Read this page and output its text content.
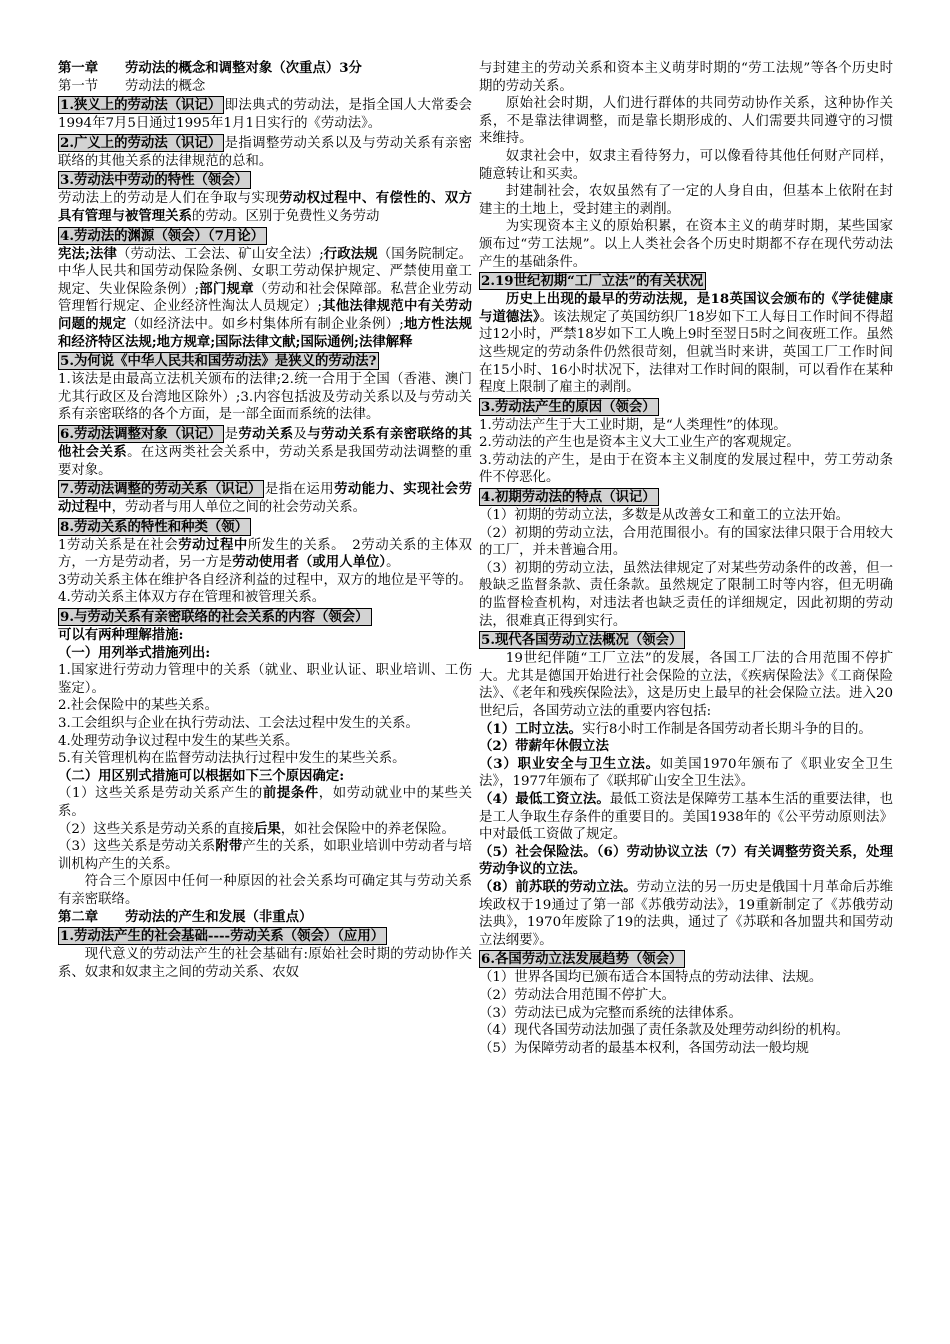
第一章　　劳动法的概念和调整对象（次重点）3分

第一节　　劳动法的概念

1.狭义上的劳动法（识记） 即法典式的劳动法，是指全国人大常委会1994年7月5日通过1995年1月1日实行的《劳动法》。

2.广义上的劳动法（识记） 是指调整劳动关系以及与劳动关系有亲密联络的其他关系的法律规范的总和。

3.劳动法中劳动的特性（领会）

劳动法上的劳动是人们在争取与实现劳动权过程中、有偿性的、双方具有管理与被管理关系的劳动。区别于免费性义务劳动

4.劳动法的渊源（领会）（7月论）

宪法;法律（劳动法、工会法、矿山安全法）;行政法规（国务院制定。中华人民共和国劳动保险条例、女职工劳动保护规定、严禁使用童工规定、失业保险条例）;部门规章（劳动和社会保障部。私营企业劳动管理暂行规定、企业经济性淘汰人员规定）;其他法律规范中有关劳动问题的规定（如经济法中。如乡村集体所有制企业条例）;地方性法规和经济特区法规;地方规章;国际法律文献;国际通例;法律解释

5.为何说《中华人民共和国劳动法》是狭义的劳动法?

1.该法是由最高立法机关颁布的法律;2.统一合用于全国（香港、澳门尤其行政区及台湾地区除外）;3.内容包括波及劳动关系以及与劳动关系有亲密联络的各个方面，是一部全面而系统的法律。

6.劳动法调整对象（识记） 是劳动关系及与劳动关系有亲密联络的其他社会关系。在这两类社会关系中，劳动关系是我国劳动法调整的重要对象。

7.劳动法调整的劳动关系（识记） 是指在运用劳动能力、实现社会劳动过程中，劳动者与用人单位之间的社会劳动关系。

8.劳动关系的特性和种类（领）

1劳动关系是在社会劳动过程中所发生的关系。　2劳动关系的主体双方，一方是劳动者，另一方是劳动使用者（或用人单位）。

3劳动关系主体在维护各自经济利益的过程中，双方的地位是平等的。4.劳动关系主体双方存在管理和被管理关系。

9.与劳动关系有亲密联络的社会关系的内容（领会）

可以有两种理解措施:

（一）用列举式措施列出:

1.国家进行劳动力管理中的关系（就业、职业认证、职业培训、工伤鉴定）。

2.社会保险中的某些关系。

3.工会组织与企业在执行劳动法、工会法过程中发生的关系。

4.处理劳动争议过程中发生的某些关系。

5.有关管理机构在监督劳动法执行过程中发生的某些关系。

（二）用区别式措施可以根据如下三个原因确定:

（1）这些关系是劳动关系产生的前提条件，如劳动就业中的某些关系。

（2）这些关系是劳动关系的直接后果，如社会保险中的养老保险。

（3）这些关系是劳动关系附带产生的关系，如职业培训中劳动者与培训机构产生的关系。

符合三个原因中任何一种原因的社会关系均可确定其与劳动关系有亲密联络。

第二章　　劳动法的产生和发展（非重点）

1.劳动法产生的社会基础----劳动关系（领会）（应用）

现代意义的劳动法产生的社会基础有:原始社会时期的劳动协作关系、奴隶和奴隶主之间的劳动关系、农奴

与封建主的劳动关系和资本主义萌芽时期的“劳工法规”等各个历史时期的劳动关系。

原始社会时期，人们进行群体的共同劳动协作关系，这种协作关系，不是靠法律调整，而是靠长期形成的、人们需要共同遵守的习惯来维持。

奴隶社会中，奴隶主看待努力，可以像看待其他任何财产同样，随意转让和买卖。

封建制社会，农奴虽然有了一定的人身自由，但基本上依附在封建主的土地上，受封建主的剥削。

为实现资本主义的原始积累，在资本主义的萌芽时期，某些国家颁布过“劳工法规”。以上人类社会各个历史时期都不存在现代劳动法产生的基础条件。

2.19世纪初期“工厂立法”的有关状况

历史上出现的最早的劳动法规，是18英国议会颁布的《学徒健康与道德法》。该法规定了英国纺织厂18岁如下工人每日工作时间不得超过12小时，严禁18岁如下工人晚上9时至翌日5时之间夜班工作。虽然这些规定的劳动条件仍然很苛刻，但就当时来讲，英国工厂工作时间在15小时、16小时状况下，法律对工作时间的限制，可以看作在某种程度上限制了雇主的剥削。

3.劳动法产生的原因（领会）

1.劳动法产生于大工业时期，是“人类理性”的体现。

2.劳动法的产生也是资本主义大工业生产的客观规定。

3.劳动法的产生，是由于在资本主义制度的发展过程中，劳工劳动条件不停恶化。

4.初期劳动法的特点（识记）

（1）初期的劳动立法，多数是从改善女工和童工的立法开始。

（2）初期的劳动立法，合用范围很小。有的国家法律只限于合用较大的工厂，并未普遍合用。

（3）初期的劳动立法，虽然法律规定了对某些劳动条件的改善，但一般缺乏监督条款、责任条款。虽然规定了限制工时等内容，但无明确的监督检查机构，对违法者也缺乏责任的详细规定，因此初期的劳动法，很难真正得到实行。

5.现代各国劳动立法概况（领会）

19世纪伴随“工厂立法”的发展，各国工厂法的合用范围不停扩大。尤其是德国开始进行社会保险的立法，《疾病保险法》《工商保险法》、《老年和残疾保险法》，这是历史上最早的社会保险立法。进入20世纪后，各国劳动立法的重要内容包括:

（1）工时立法。实行8小时工作制是各国劳动者长期斗争的目的。

（2）带薪年休假立法

（3）职业安全与卫生立法。如美国1970年颁布了《职业安全卫生法》，1977年颁布了《联邦矿山安全卫生法》。

（4）最低工资立法。最低工资法是保障劳工基本生活的重要法律，也是工人争取生存条件的重要目的。美国1938年的《公平劳动原则法》中对最低工资做了规定。

（5）社会保险法。（6）劳动协议立法（7）有关调整劳资关系，处理劳动争议的立法。

（8）前苏联的劳动立法。劳动立法的另一历史是俄国十月革命后苏维埃政权于19通过了第一部《苏俄劳动法》，19重新制定了《苏俄劳动法典》，1970年废除了19的法典，通过了《苏联和各加盟共和国劳动立法纲要》。

6.各国劳动立法发展趋势（领会）

（1）世界各国均已颁布适合本国特点的劳动法律、法规。

（2）劳动法合用范围不停扩大。

（3）劳动法已成为完整而系统的法律体系。

（4）现代各国劳动法加强了责任条款及处理劳动纠纷的机构。

（5）为保障劳动者的最基本权利，各国劳动法一般均规
